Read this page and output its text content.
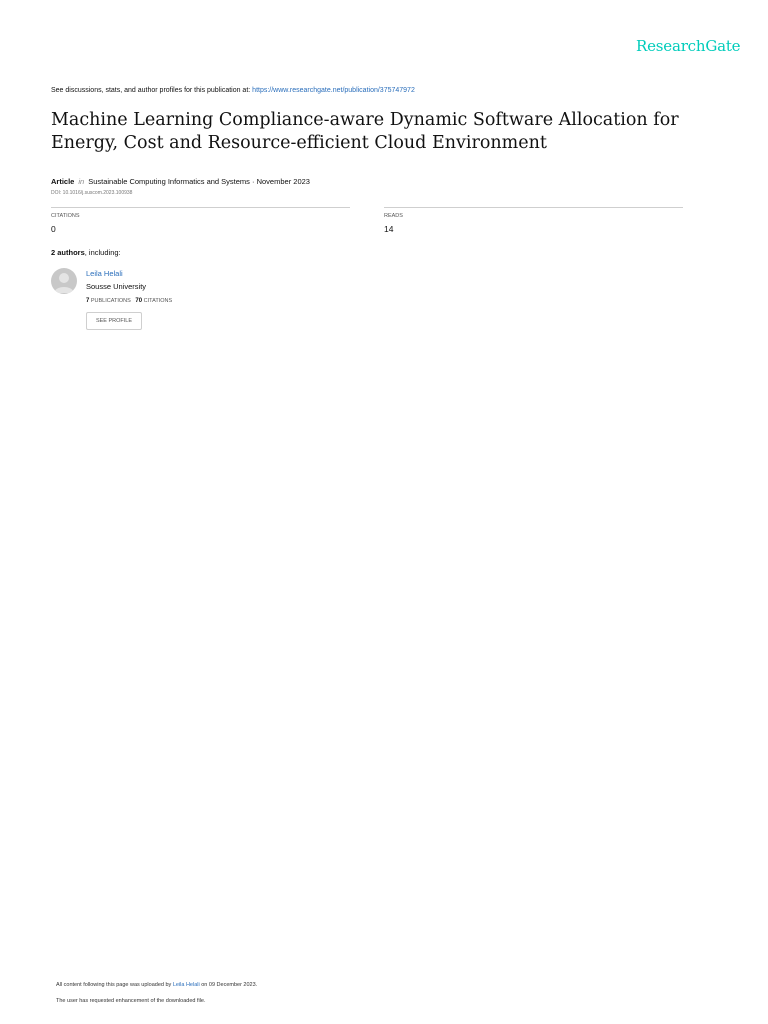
ResearchGate
See discussions, stats, and author profiles for this publication at: https://www.researchgate.net/publication/375747972
Machine Learning Compliance-aware Dynamic Software Allocation for Energy, Cost and Resource-efficient Cloud Environment
Article in Sustainable Computing Informatics and Systems · November 2023
DOI: 10.1016/j.suscom.2023.100938
CITATIONS
0
READS
14
2 authors, including:
Leila Helali
Sousse University
7 PUBLICATIONS 70 CITATIONS
SEE PROFILE
All content following this page was uploaded by Leila Helali on 09 December 2023.
The user has requested enhancement of the downloaded file.
